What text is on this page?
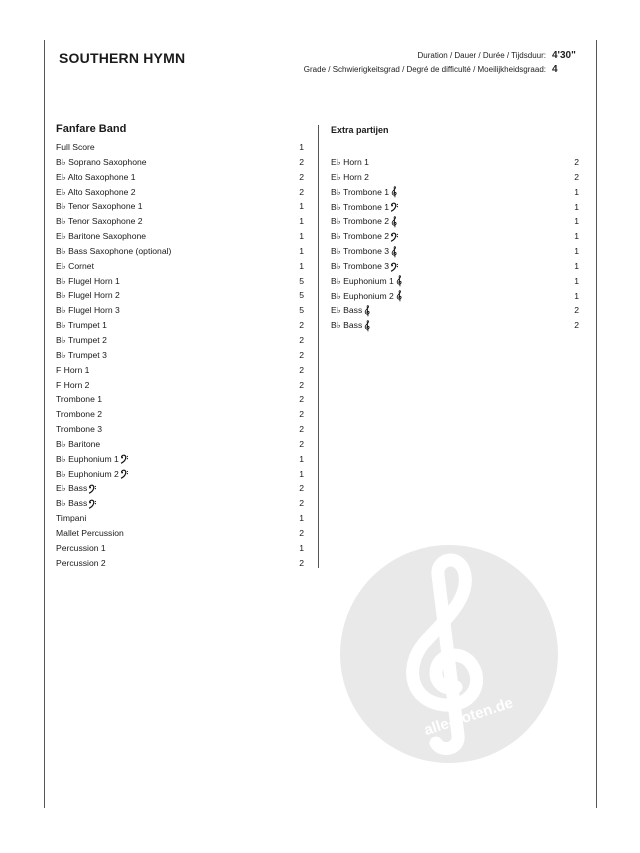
SOUTHERN HYMN	Duration / Dauer / Durée / Tijdsduur: 4'30"
Grade / Schwierigkeitsgrad / Degré de difficulté / Moeilijkheidsgraad: 4
Fanfare Band	Extra partijen
Full Score	1
B♭ Soprano Saxophone	2
E♭ Alto Saxophone 1	2
E♭ Alto Saxophone 2	2
B♭ Tenor Saxophone 1	1
B♭ Tenor Saxophone 2	1
E♭ Baritone Saxophone	1
B♭ Bass Saxophone (optional)	1
E♭ Cornet	1
B♭ Flugel Horn 1	5
B♭ Flugel Horn 2	5
B♭ Flugel Horn 3	5
B♭ Trumpet 1	2
B♭ Trumpet 2	2
B♭ Trumpet 3	2
F Horn 1	2
F Horn 2	2
Trombone 1	2
Trombone 2	2
Trombone 3	2
B♭ Baritone	2
B♭ Euphonium 1	1
B♭ Euphonium 2	1
E♭ Bass	2
B♭ Bass	2
Timpani	1
Mallet Percussion	2
Percussion 1	1
Percussion 2	2
E♭ Horn 1	2
E♭ Horn 2	2
B♭ Trombone 1	1
B♭ Trombone 1	1
B♭ Trombone 2	1
B♭ Trombone 2	1
B♭ Trombone 3	1
B♭ Trombone 3	1
B♭ Euphonium 1	1
B♭ Euphonium 2	1
E♭ Bass	2
B♭ Bass	2
alle-noten.de
